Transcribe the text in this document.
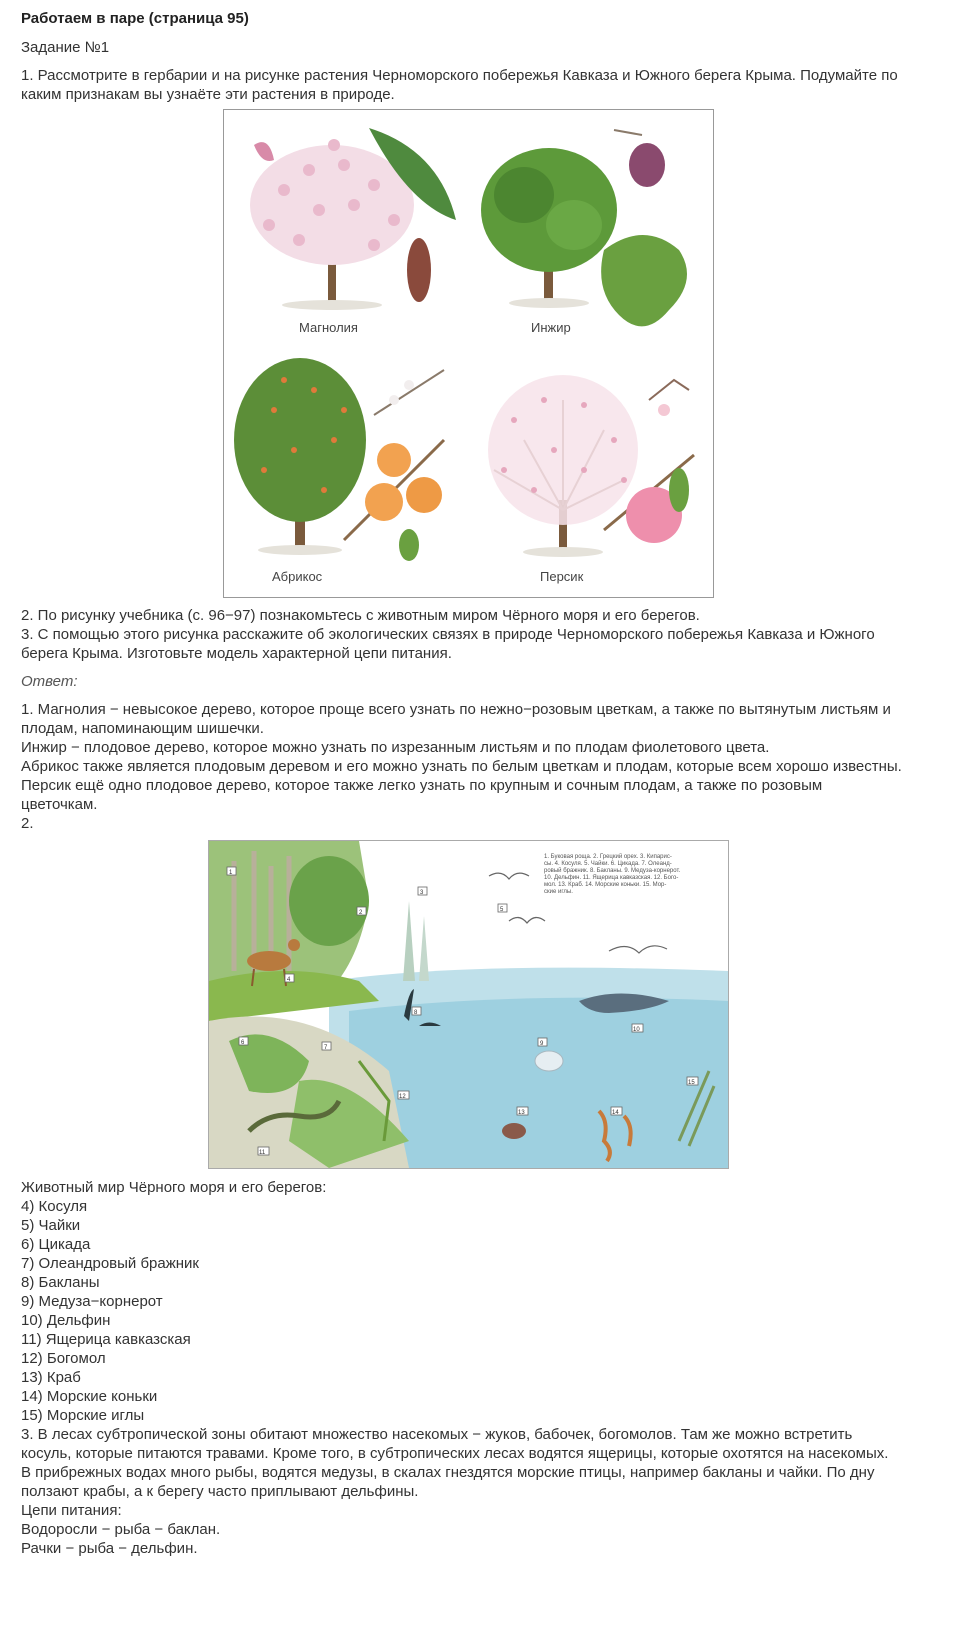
Работаем в паре (страница 95)
Задание №1
1. Рассмотрите в гербарии и на рисунке растения Черноморского побережья Кавказа и Южного берега Крыма. Подумайте по
каким признакам вы узнаёте эти растения в природе.
Магнолия	Инжир
Абрикос	Персик
2. По рисунку учебника (с. 96−97) познакомьтесь с животным миром Чёрного моря и его берегов.
3. С помощью этого рисунка расскажите об экологических связях в природе Черноморского побережья Кавказа и Южного
берега Крыма. Изготовьте модель характерной цепи питания.
Ответ:
1. Магнолия − невысокое дерево, которое проще всего узнать по нежно−розовым цветкам, а также по вытянутым листьям и
плодам, напоминающим шишечки.
Инжир − плодовое дерево, которое можно узнать по изрезанным листьям и по плодам фиолетового цвета.
Абрикос также является плодовым деревом и его можно узнать по белым цветкам и плодам, которые всем хорошо известны.
Персик ещё одно плодовое дерево, которое также легко узнать по крупным и сочным плодам, а также по розовым
цветочкам.
2.
1. Буковая роща. 2. Грецкий орех. 3. Кипарис-
сы. 4. Косуля. 5. Чайки. 6. Цикада. 7. Олеанд-
ровый бражник. 8. Бакланы. 9. Медуза-корнерот.
10. Дельфин. 11. Ящерица кавказская. 12. Бого-
мол. 13. Краб. 14. Морские коньки. 15. Мор-
ские иглы.
1
2
3
4
5
6
7
8
9
10
11
12
13	14
15
Животный мир Чёрного моря и его берегов:
4) Косуля
5) Чайки
6) Цикада
7) Олеандровый бражник
8) Бакланы
9) Медуза−корнерот
10) Дельфин
11) Ящерица кавказская
12) Богомол
13) Краб
14) Морские коньки
15) Морские иглы
3. В лесах субтропической зоны обитают множество насекомых − жуков, бабочек, богомолов. Там же можно встретить
косуль, которые питаются травами. Кроме того, в субтропических лесах водятся ящерицы, которые охотятся на насекомых.
В прибрежных водах много рыбы, водятся медузы, в скалах гнездятся морские птицы, например бакланы и чайки. По дну
ползают крабы, а к берегу часто приплывают дельфины.
Цепи питания:
Водоросли − рыба − баклан.
Рачки − рыба − дельфин.
